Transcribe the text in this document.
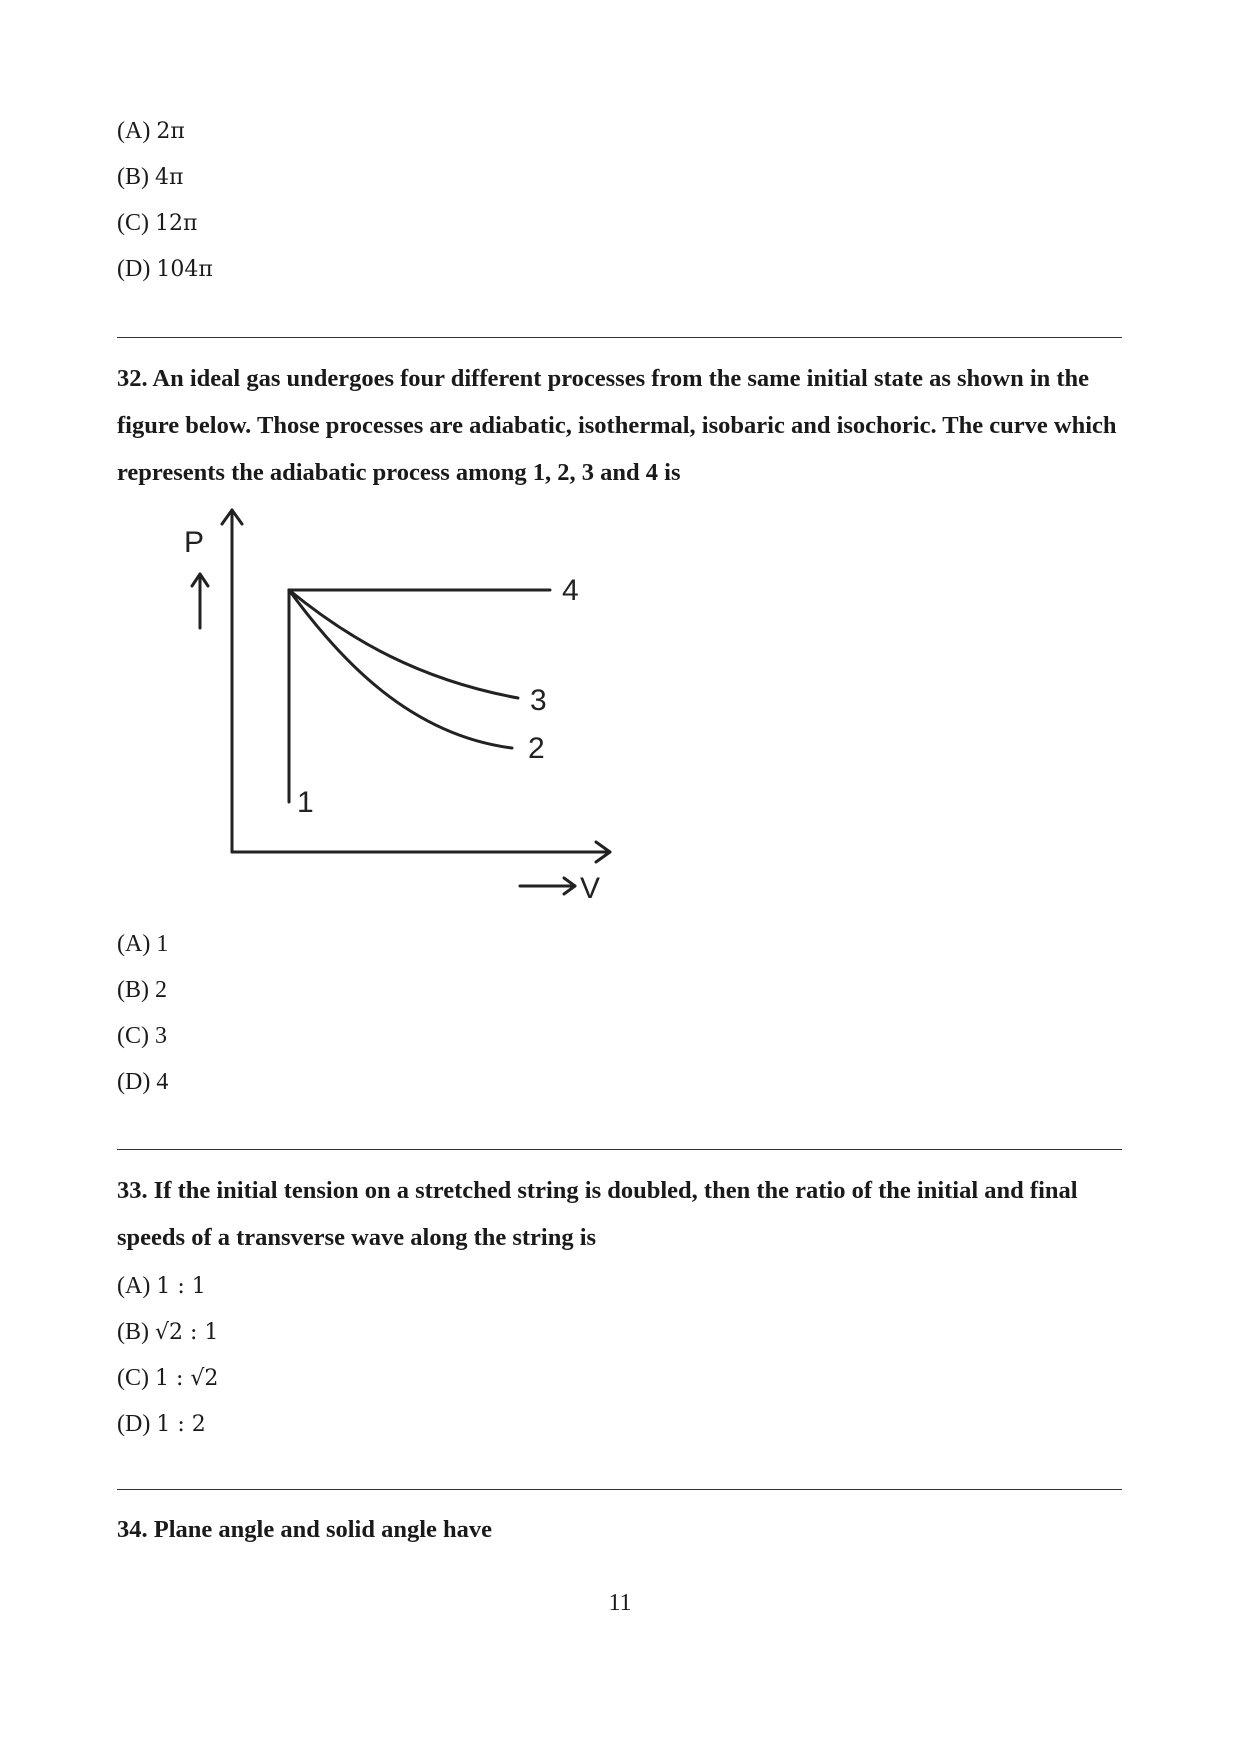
(A) 2π
(B) 4π
(C) 12π
(D) 104π
32. An ideal gas undergoes four different processes from the same initial state as shown in the figure below. Those processes are adiabatic, isothermal, isobaric and isochoric. The curve which represents the adiabatic process among 1, 2, 3 and 4 is
P
V
1
2
3
4
(A) 1
(B) 2
(C) 3
(D) 4
33. If the initial tension on a stretched string is doubled, then the ratio of the initial and final speeds of a transverse wave along the string is
(A) 1 : 1
(B) √2 : 1
(C) 1 : √2
(D) 1 : 2
34. Plane angle and solid angle have
11
